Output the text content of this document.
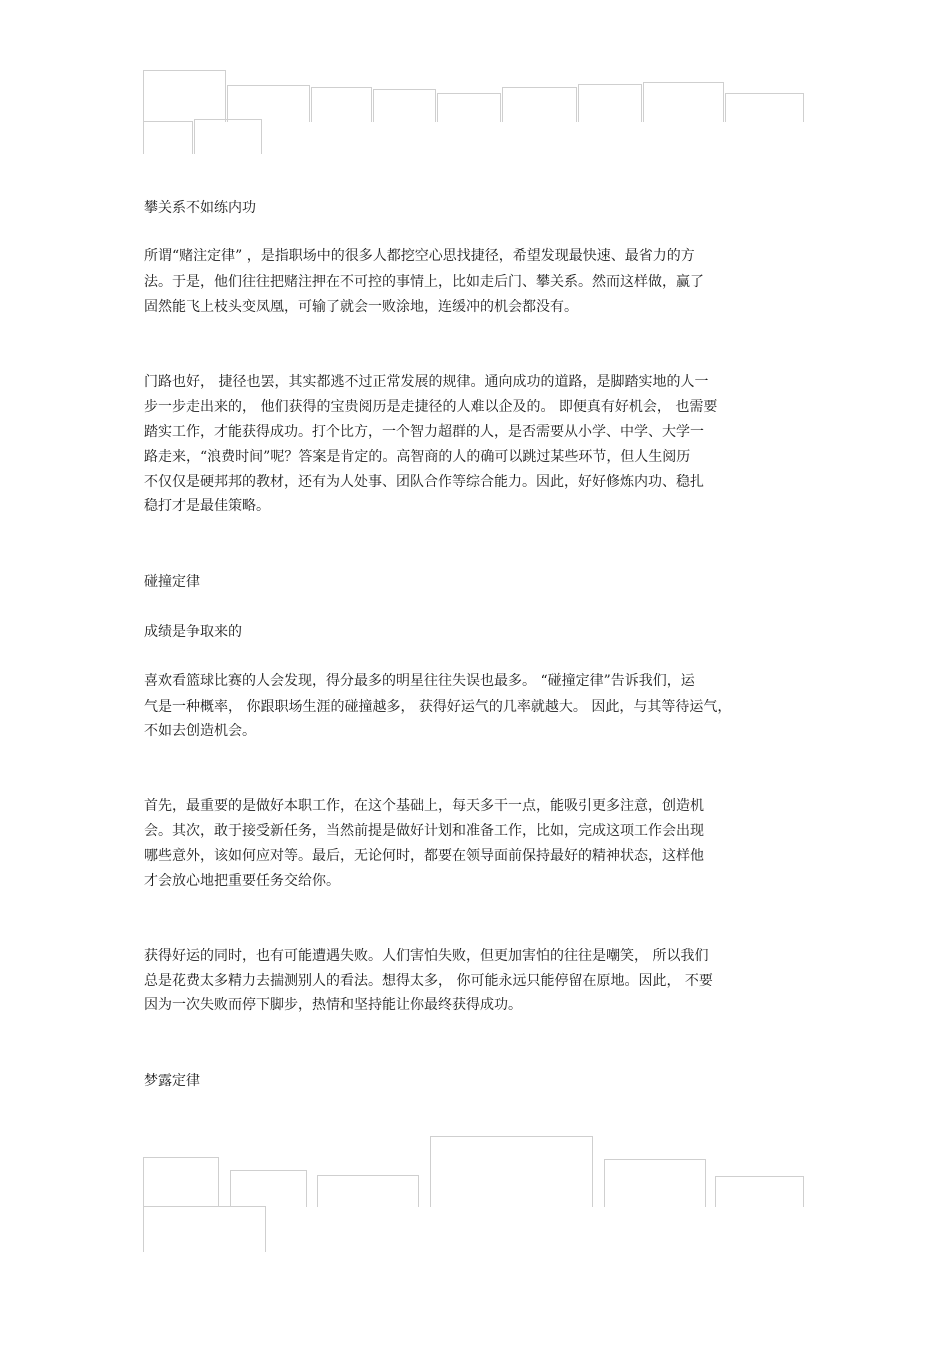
攀关系不如练内功
所谓“赌注定律” ，是指职场中的很多人都挖空心思找捷径，希望发现最快速、最省力的方
法。于是，他们往往把赌注押在不可控的事情上，比如走后门、攀关系。然而这样做，赢了
固然能飞上枝头变凤凰，可输了就会一败涂地，连缓冲的机会都没有。
门路也好， 捷径也罢，其实都逃不过正常发展的规律。通向成功的道路，是脚踏实地的人一
步一步走出来的， 他们获得的宝贵阅历是走捷径的人难以企及的。 即便真有好机会， 也需要
踏实工作，才能获得成功。打个比方，一个智力超群的人，是否需要从小学、中学、大学一
路走来，“浪费时间”呢？答案是肯定的。高智商的人的确可以跳过某些环节，但人生阅历
不仅仅是硬邦邦的教材，还有为人处事、团队合作等综合能力。因此，好好修炼内功、稳扎
稳打才是最佳策略。
碰撞定律
成绩是争取来的
喜欢看篮球比赛的人会发现，得分最多的明星往往失误也最多。 “碰撞定律”告诉我们，运
气是一种概率， 你跟职场生涯的碰撞越多， 获得好运气的几率就越大。 因此，与其等待运气，
不如去创造机会。
首先，最重要的是做好本职工作，在这个基础上，每天多干一点，能吸引更多注意，创造机
会。其次，敢于接受新任务，当然前提是做好计划和准备工作，比如，完成这项工作会出现
哪些意外，该如何应对等。最后，无论何时，都要在领导面前保持最好的精神状态，这样他
才会放心地把重要任务交给你。
获得好运的同时，也有可能遭遇失败。人们害怕失败，但更加害怕的往往是嘲笑， 所以我们
总是花费太多精力去揣测别人的看法。想得太多， 你可能永远只能停留在原地。因此， 不要
因为一次失败而停下脚步，热情和坚持能让你最终获得成功。
梦露定律
